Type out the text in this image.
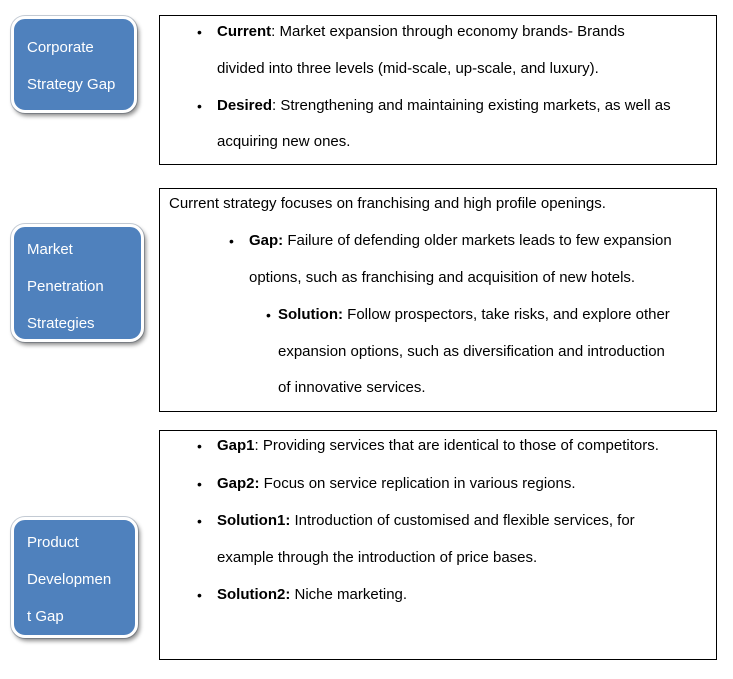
Corporate
Strategy Gap
Market
Penetration
Strategies
Product
Developmen
t Gap
• Current: Market expansion through economy brands- Brands
divided into three levels (mid-scale, up-scale, and luxury).
• Desired: Strengthening and maintaining existing markets, as well as
acquiring new ones.
Current strategy focuses on franchising and high profile openings.
• Gap: Failure of defending older markets leads to few expansion
options, such as franchising and acquisition of new hotels.
• Solution: Follow prospectors, take risks, and explore other
expansion options, such as diversification and introduction
of innovative services.
• Gap1: Providing services that are identical to those of competitors.
• Gap2: Focus on service replication in various regions.
• Solution1: Introduction of customised and flexible services, for
example through the introduction of price bases.
• Solution2: Niche marketing.
